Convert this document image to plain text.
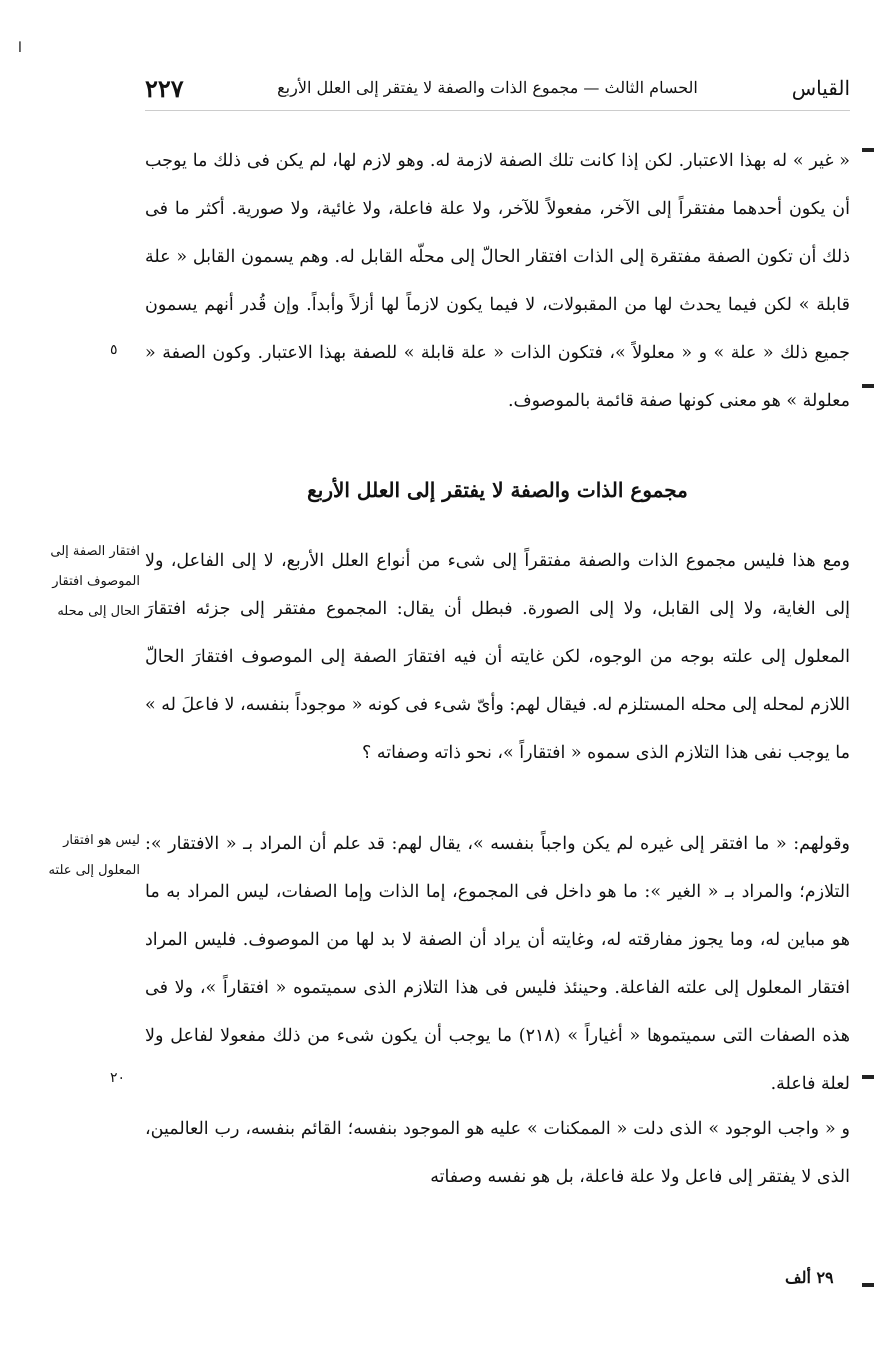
ا
٢٢٧	الحسام الثالث — مجموع الذات والصفة لا يفتقر إلى العلل الأربع	القياس

« غير » له بهذا الاعتبار. لكن إذا كانت تلك الصفة لازمة له. وهو لازم لها، لم يكن فى ذلك ما يوجب أن يكون أحدهما مفتقراً إلى الآخر، مفعولاً للآخر، ولا علة فاعلة، ولا غائية، ولا صورية. أكثر ما فى ذلك أن تكون الصفة مفتقرة إلى الذات افتقار الحالّ إلى محلّه القابل له. وهم يسمون القابل « علة قابلة » لكن فيما يحدث لها من المقبولات، لا فيما يكون لازماً لها أزلاً وأبداً. وإن قُدر أنهم يسمون جميع ذلك « علة » و « معلولاً »، فتكون الذات « علة قابلة » للصفة بهذا الاعتبار. وكون الصفة « معلولة » هو معنى كونها صفة قائمة بالموصوف.

مجموع الذات والصفة لا يفتقر إلى العلل الأربع

ومع هذا فليس مجموع الذات والصفة مفتقراً إلى شىء من أنواع العلل الأربع، لا إلى الفاعل، ولا إلى الغاية، ولا إلى القابل، ولا إلى الصورة. فبطل أن يقال: المجموع مفتقر إلى جزئه افتقارَ المعلول إلى علته بوجه من الوجوه، لكن غايته أن فيه افتقارَ الصفة إلى الموصوف افتقارَ الحالّ اللازم لمحله إلى محله المستلزم له. فيقال لهم: وأىّ شىء فى كونه « موجوداً بنفسه، لا فاعلَ له » ما يوجب نفى هذا التلازم الذى سموه « افتقاراً »، نحو ذاته وصفاته ؟

وقولهم: « ما افتقر إلى غيره لم يكن واجباً بنفسه »، يقال لهم: قد علم أن المراد بـ « الافتقار »: التلازم؛ والمراد بـ « الغير »: ما هو داخل فى المجموع، إما الذات وإما الصفات، ليس المراد به ما هو مباين له، وما يجوز مفارقته له، وغايته أن يراد أن الصفة لا بد لها من الموصوف. فليس المراد افتقار المعلول إلى علته الفاعلة. وحينئذ فليس فى هذا التلازم الذى سميتموه « افتقاراً »، ولا فى هذه الصفات التى سميتموها « أغياراً » (٢١٨) ما يوجب أن يكون شىء من ذلك مفعولا لفاعل ولا لعلة فاعلة.

و « واجب الوجود » الذى دلت « الممكنات » عليه هو الموجود بنفسه؛ القائم بنفسه، رب العالمين، الذى لا يفتقر إلى فاعل ولا علة فاعلة، بل هو نفسه وصفاته

افتقار الصفة إلى الموصوف افتقار الحال إلى محله
ليس هو افتقار المعلول إلى علته
٥
٢٠
٢٩ ألف
